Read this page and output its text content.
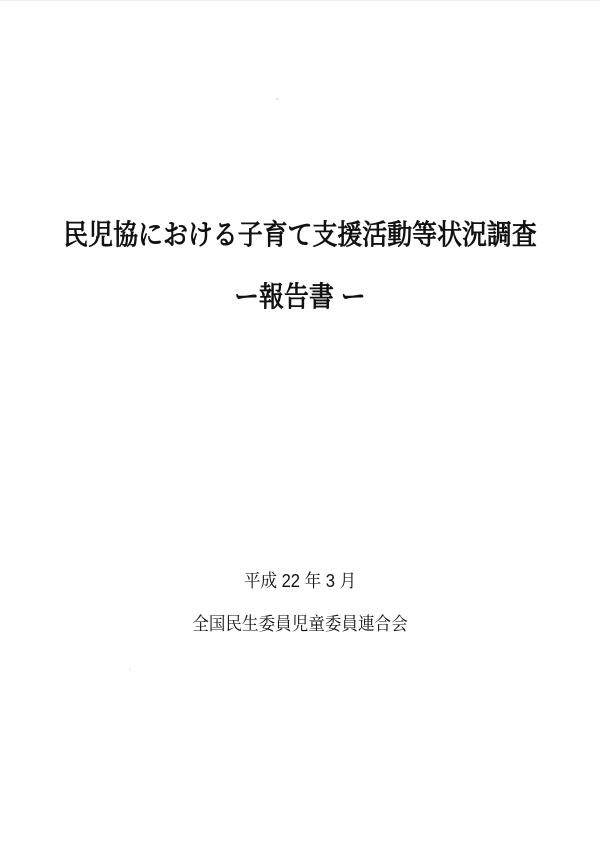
民児協における子育て支援活動等状況調査
ー報告書 ー
平成 22 年 3 月
全国民生委員児童委員連合会
